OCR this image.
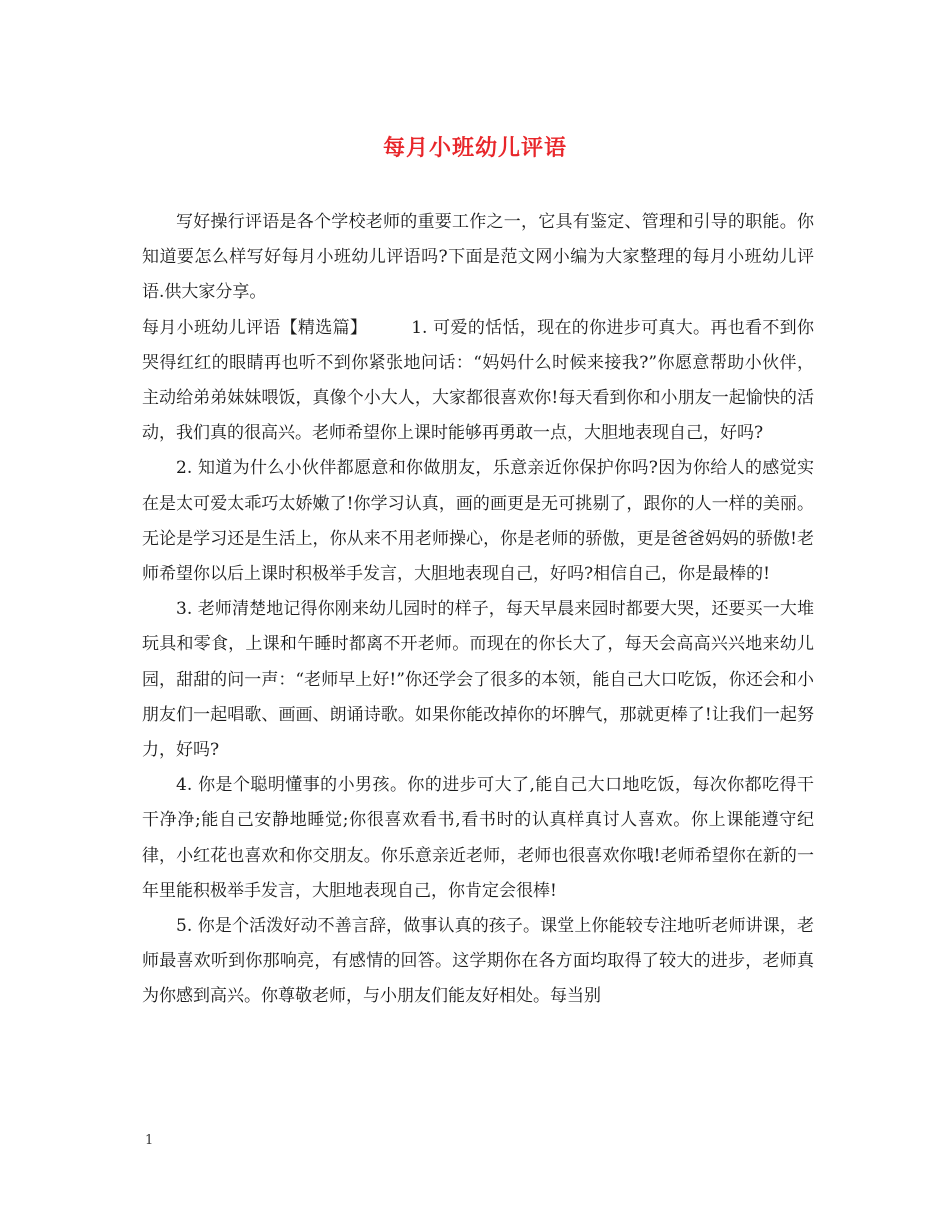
每月小班幼儿评语

写好操行评语是各个学校老师的重要工作之一，它具有鉴定、管理和引导的职能。你知道要怎么样写好每月小班幼儿评语吗?下面是范文网小编为大家整理的每月小班幼儿评语.供大家分享。

每月小班幼儿评语【精选篇】	1. 可爱的恬恬，现在的你进步可真大。再也看不到你哭得红红的眼睛再也听不到你紧张地问话：“妈妈什么时候来接我?”你愿意帮助小伙伴，主动给弟弟妹妹喂饭，真像个小大人，大家都很喜欢你!每天看到你和小朋友一起愉快的活动，我们真的很高兴。老师希望你上课时能够再勇敢一点，大胆地表现自己，好吗?

2. 知道为什么小伙伴都愿意和你做朋友，乐意亲近你保护你吗?因为你给人的感觉实在是太可爱太乖巧太娇嫩了!你学习认真，画的画更是无可挑剔了，跟你的人一样的美丽。无论是学习还是生活上，你从来不用老师操心，你是老师的骄傲，更是爸爸妈妈的骄傲!老师希望你以后上课时积极举手发言，大胆地表现自己，好吗?相信自己，你是最棒的!

3. 老师清楚地记得你刚来幼儿园时的样子，每天早晨来园时都要大哭，还要买一大堆玩具和零食，上课和午睡时都离不开老师。而现在的你长大了，每天会高高兴兴地来幼儿园，甜甜的问一声：“老师早上好!”你还学会了很多的本领，能自己大口吃饭，你还会和小朋友们一起唱歌、画画、朗诵诗歌。如果你能改掉你的坏脾气，那就更棒了!让我们一起努力，好吗?

4. 你是个聪明懂事的小男孩。你的进步可大了,能自己大口地吃饭，每次你都吃得干干净净;能自己安静地睡觉;你很喜欢看书,看书时的认真样真讨人喜欢。你上课能遵守纪律，小红花也喜欢和你交朋友。你乐意亲近老师，老师也很喜欢你哦!老师希望你在新的一年里能积极举手发言，大胆地表现自己，你肯定会很棒!

5. 你是个活泼好动不善言辞，做事认真的孩子。课堂上你能较专注地听老师讲课，老师最喜欢听到你那响亮，有感情的回答。这学期你在各方面均取得了较大的进步，老师真为你感到高兴。你尊敬老师，与小朋友们能友好相处。每当别

1
